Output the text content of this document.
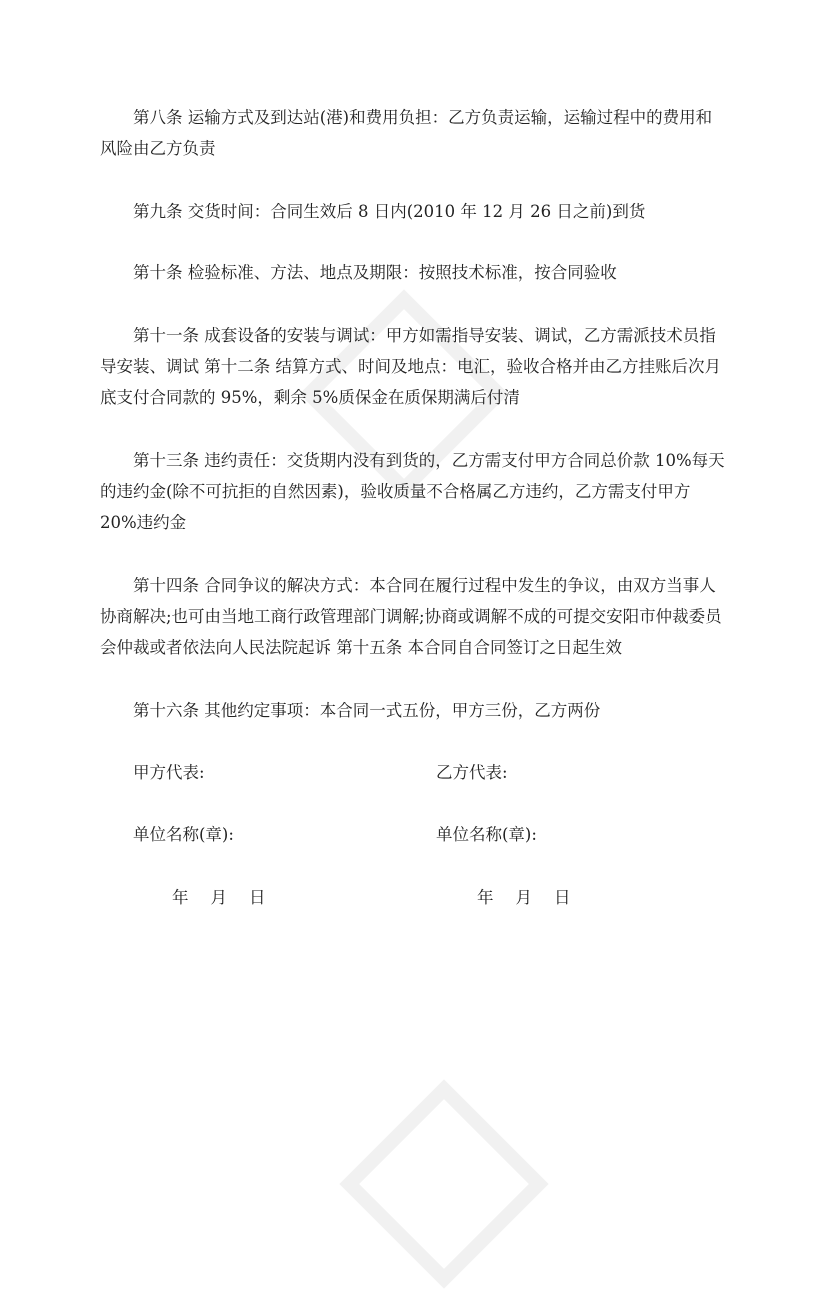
第八条 运输方式及到达站(港)和费用负担：乙方负责运输，运输过程中的费用和
风险由乙方负责
第九条 交货时间：合同生效后 8 日内(2010 年 12 月 26 日之前)到货
第十条 检验标准、方法、地点及期限：按照技术标准，按合同验收
第十一条 成套设备的安装与调试：甲方如需指导安装、调试，乙方需派技术员指
导安装、调试 第十二条 结算方式、时间及地点：电汇，验收合格并由乙方挂账后次月
底支付合同款的 95%，剩余 5%质保金在质保期满后付清
第十三条 违约责任：交货期内没有到货的，乙方需支付甲方合同总价款 10%每天
的违约金(除不可抗拒的自然因素)，验收质量不合格属乙方违约，乙方需支付甲方
20%违约金
第十四条 合同争议的解决方式：本合同在履行过程中发生的争议，由双方当事人
协商解决;也可由当地工商行政管理部门调解;协商或调解不成的可提交安阳市仲裁委员
会仲裁或者依法向人民法院起诉 第十五条 本合同自合同签订之日起生效
第十六条 其他约定事项：本合同一式五份，甲方三份，乙方两份
甲方代表:	乙方代表:
单位名称(章):	单位名称(章):
年 月 日	年 月 日
